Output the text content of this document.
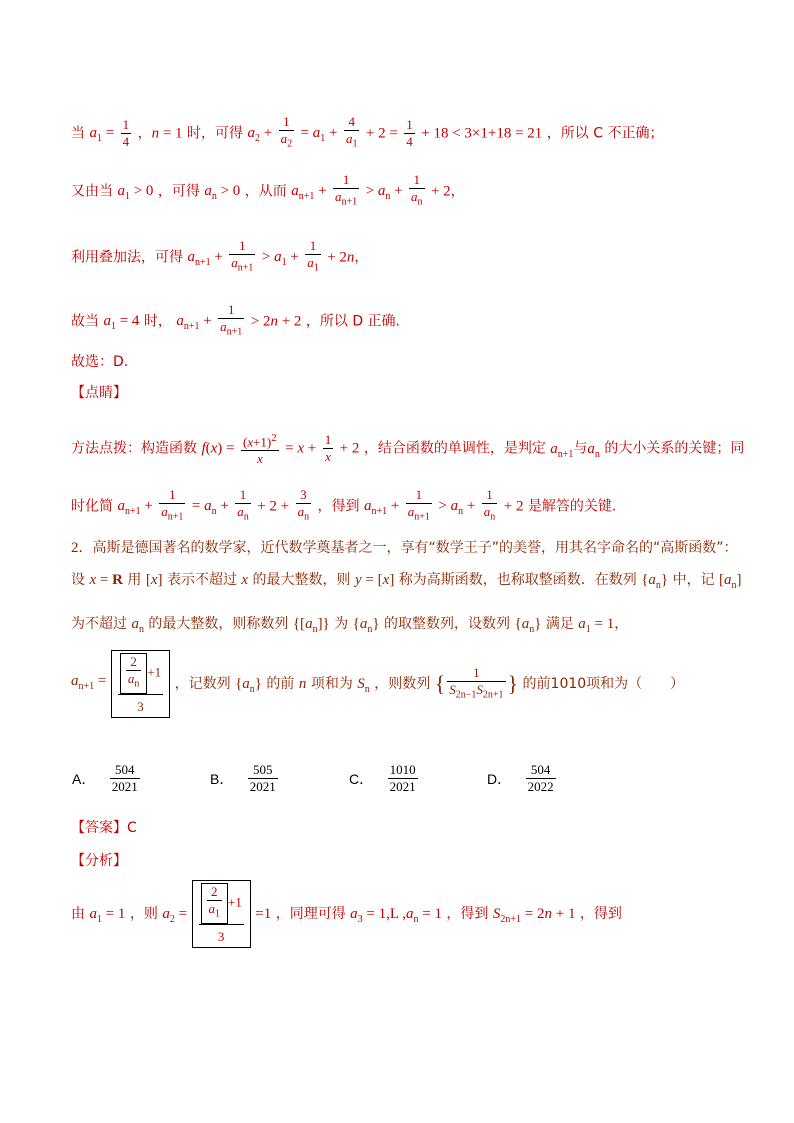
当 $a_1 = \frac{1}{4}$ ，n = 1 时，可得 $a_2 + \frac{1}{a_2} = a_1 + \frac{4}{a_1} + 2 = \frac{1}{4} + 18 < 3\times 1+18 = 21$ ，所以 C 不正确；
又由当 $a_1 > 0$ ，可得 $a_n > 0$ ，从而 $a_{n+1} + \frac{1}{a_{n+1}} > a_n + \frac{1}{a_n} + 2$，
利用叠加法，可得 $a_{n+1} + \frac{1}{a_{n+1}} > a_1 + \frac{1}{a_1} + 2n$，
故当 $a_1 = 4$ 时， $a_{n+1} + \frac{1}{a_{n+1}} > 2n + 2$ ，所以 D 正确.
故选：D.
【点睛】
方法点拨：构造函数 $f(x) = \frac{(x+1)^2}{x} = x + \frac{1}{x} + 2$ ，结合函数的单调性，是判定 $a_{n+1}$与$a_n$ 的大小关系的关键；同
时化简 $a_{n+1} + \frac{1}{a_{n+1}} = a_n + \frac{1}{a_n} + 2 + \frac{3}{a_n}$ ，得到 $a_{n+1} + \frac{1}{a_{n+1}} > a_n + \frac{1}{a_n} + 2$ 是解答的关键.
2．高斯是德国著名的数学家，近代数学奠基者之一，享有“数学王子”的美誉，用其名字命名的“高斯函数”：
设 x = R 用 [x] 表示不超过 x 的最大整数，则 y = [x] 称为高斯函数，也称取整函数．在数列 $\{a_n\}$ 中，记 $[a_n]$
为不超过 $a_n$ 的最大整数，则称数列 $\{[a_n]\}$ 为 $\{a_n\}$ 的取整数列，设数列 $\{a_n\}$ 满足 $a_1 = 1$，
$a_{n+1} = \frac{\frac{2}{a_n} +1}{3}$ ，记数列 $\{a_n\}$ 的前 n 项和为 $S_n$ ，则数列 { $\frac{1}{S_{2n-1}S_{2n+1}}$ } 的前1010项和为（　　）
A． $\frac{504}{2021}$	B． $\frac{505}{2021}$	C． $\frac{1010}{2021}$	D． $\frac{504}{2022}$
【答案】C
【分析】
由 $a_1 = 1$ ，则 $a_2 = \frac{\frac{2}{a_1} +1}{3} =1$ ，同理可得 $a_3 = 1,L$ $,a_n = 1$ ，得到 $S_{2n+1} = 2n + 1$ ，得到
